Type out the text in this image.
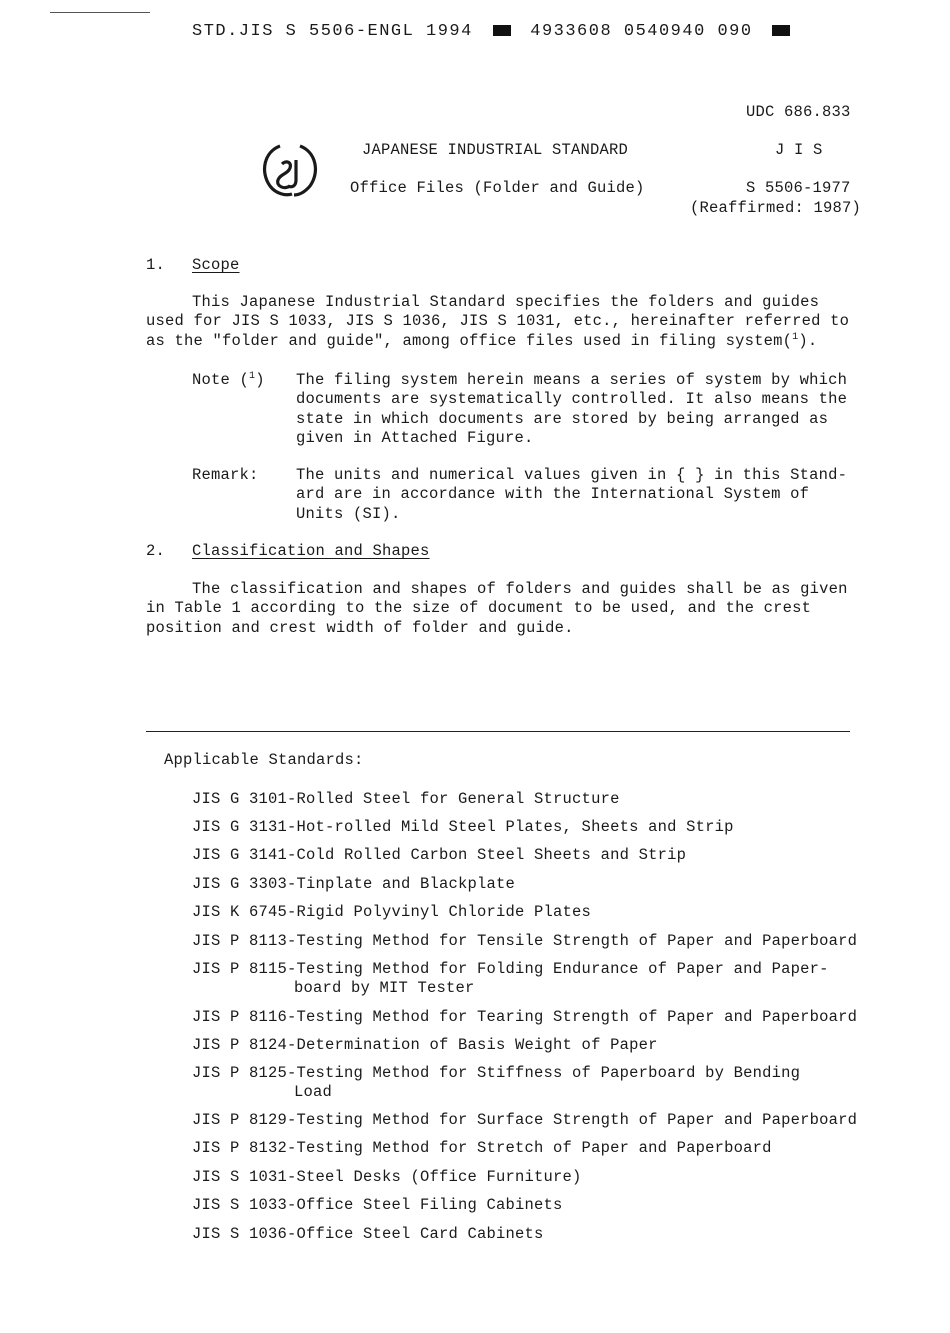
STD.JIS S 5506-ENGL 1994	4933608 0540940 090
UDC 686.833
JAPANESE INDUSTRIAL STANDARD	J I S
Office Files (Folder and Guide)	S 5506-1977
(Reaffirmed: 1987)
1. Scope
This Japanese Industrial Standard specifies the folders and guides
used for JIS S 1033, JIS S 1036, JIS S 1031, etc., hereinafter referred to
as the "folder and guide", among office files used in filing system($^1$).
Note ($^1$) The filing system herein means a series of system by which
documents are systematically controlled. It also means the
state in which documents are stored by being arranged as
given in Attached Figure.
Remark: The units and numerical values given in { } in this Stand-
ard are in accordance with the International System of
Units (SI).
2. Classification and Shapes
The classification and shapes of folders and guides shall be as given
in Table 1 according to the size of document to be used, and the crest
position and crest width of folder and guide.
Applicable Standards:
JIS G 3101-Rolled Steel for General Structure
JIS G 3131-Hot-rolled Mild Steel Plates, Sheets and Strip
JIS G 3141-Cold Rolled Carbon Steel Sheets and Strip
JIS G 3303-Tinplate and Blackplate
JIS K 6745-Rigid Polyvinyl Chloride Plates
JIS P 8113-Testing Method for Tensile Strength of Paper and Paperboard
JIS P 8115-Testing Method for Folding Endurance of Paper and Paper-
board by MIT Tester
JIS P 8116-Testing Method for Tearing Strength of Paper and Paperboard
JIS P 8124-Determination of Basis Weight of Paper
JIS P 8125-Testing Method for Stiffness of Paperboard by Bending
Load
JIS P 8129-Testing Method for Surface Strength of Paper and Paperboard
JIS P 8132-Testing Method for Stretch of Paper and Paperboard
JIS S 1031-Steel Desks (Office Furniture)
JIS S 1033-Office Steel Filing Cabinets
JIS S 1036-Office Steel Card Cabinets
